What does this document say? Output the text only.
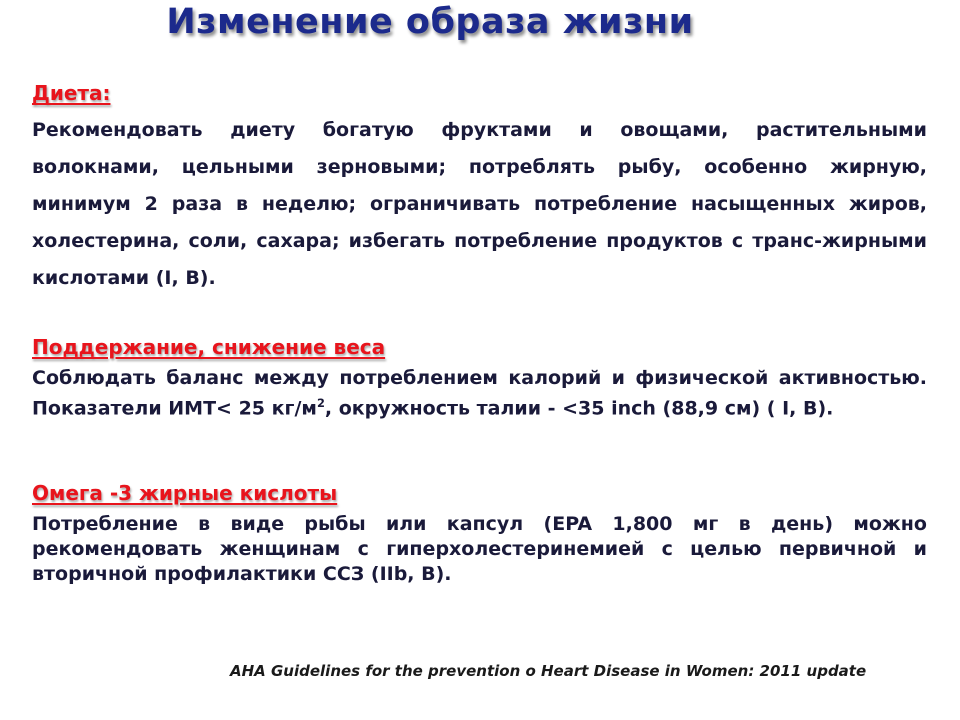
Изменение образа жизни

Диета:

Рекомендовать диету богатую фруктами и овощами, растительными волокнами, цельными зерновыми; потреблять рыбу, особенно жирную, минимум 2 раза в неделю; ограничивать потребление насыщенных жиров, холестерина, соли, сахара; избегать потребление продуктов с транс-жирными кислотами (I, B).

Поддержание, снижение веса

Соблюдать баланс между потреблением калорий и физической активностью. Показатели ИМТ< 25 $кг/м^2$, окружность талии - <35 inch (88,9 см) ( I, B).

Омега -3 жирные кислоты

Потребление в виде рыбы или капсул (EPA 1,800 мг в день) можно рекомендовать женщинам с гиперхолестеринемией с целью первичной и вторичной профилактики ССЗ (IIb, B).

AHA Guidelines for the prevention o Heart Disease in Women: 2011 update
